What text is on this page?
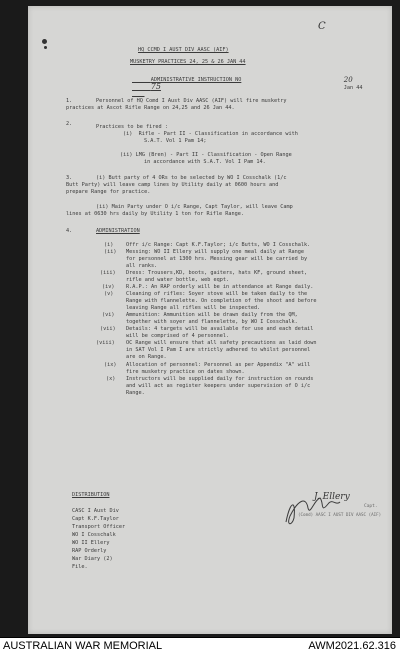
C
HQ CCMD I AUST DIV AASC (AIF)
MUSKETRY PRACTICES 24, 25 & 26 JAN 44

ADMINISTRATIVE INSTRUCTION NO
75

20
Jan 44

1.	Personnel of HQ Comd I Aust Div AASC (AIF) will fire musketry
practices at Ascot Rifle Range on 24,25 and 26 Jan 44.
2.	Practices to be fired :
(i)  Rifle - Part II - Classification in accordance with
S.A.T. Vol 1 Pam 14;
(ii) LMG (Bren) - Part II - Classification - Open Range
in accordance with S.A.T. Vol I Pam 14.
3.	(i) Butt party of 4 ORs to be selected by WO I Cosschalk (1/c
Butt Party) will leave camp lines by Utility daily at 0600 hours and
prepare Range for practice.
(ii) Main Party under O i/c Range, Capt Taylor, will leave Camp
lines at 0630 hrs daily by Utility 1 ton for Rifle Range.
4.	ADMINISTRATION
(i) Offr i/c Range: Capt K.F.Taylor; i/c Butts, WO I Cosschalk.
(ii) Messing: WO II Ellery will supply one meal daily at Range
for personnel at 1300 hrs. Messing gear will be carried by
all ranks.
(iii) Dress: Trousers,KD, boots, gaiters, hats KF, ground sheet,
rifle and water bottle, web eqpt.
(iv) R.A.P.: An RAP orderly will be in attendance at Range daily.
(v) Cleaning of rifles: Soyer stove will be taken daily to the
Range with flannelette. On completion of the shoot and before
leaving Range all rifles will be inspected.
(vi) Ammunition: Ammunition will be drawn daily from the QM,
together with soyer and flannelette, by WO I Cosschalk.
(vii) Details: 4 targets will be available for use and each detail
will be comprised of 4 personnel.
(viii) OC Range will ensure that all safety precautions as laid down
in SAT Vol I Pam I are strictly adhered to whilst personnel
are on Range.
(ix) Allocation of personnel: Personnel as per Appendix "A" will
fire musketry practice on dates shown.
(x) Instructors will be supplied daily for instruction on rounds
and will act as register keepers under supervision of O i/c
Range.
DISTRIBUTION
CASC I Aust Div
Capt K.F.Taylor
Transport Officer
WO I Cosschalk
WO II Ellery
RAP Orderly
War Diary (2)
File.
J. Ellery
Capt.
(Comd) AASC I AUST DIV AASC (AIF)
AUSTRALIAN WAR MEMORIAL	AWM2021.62.316
